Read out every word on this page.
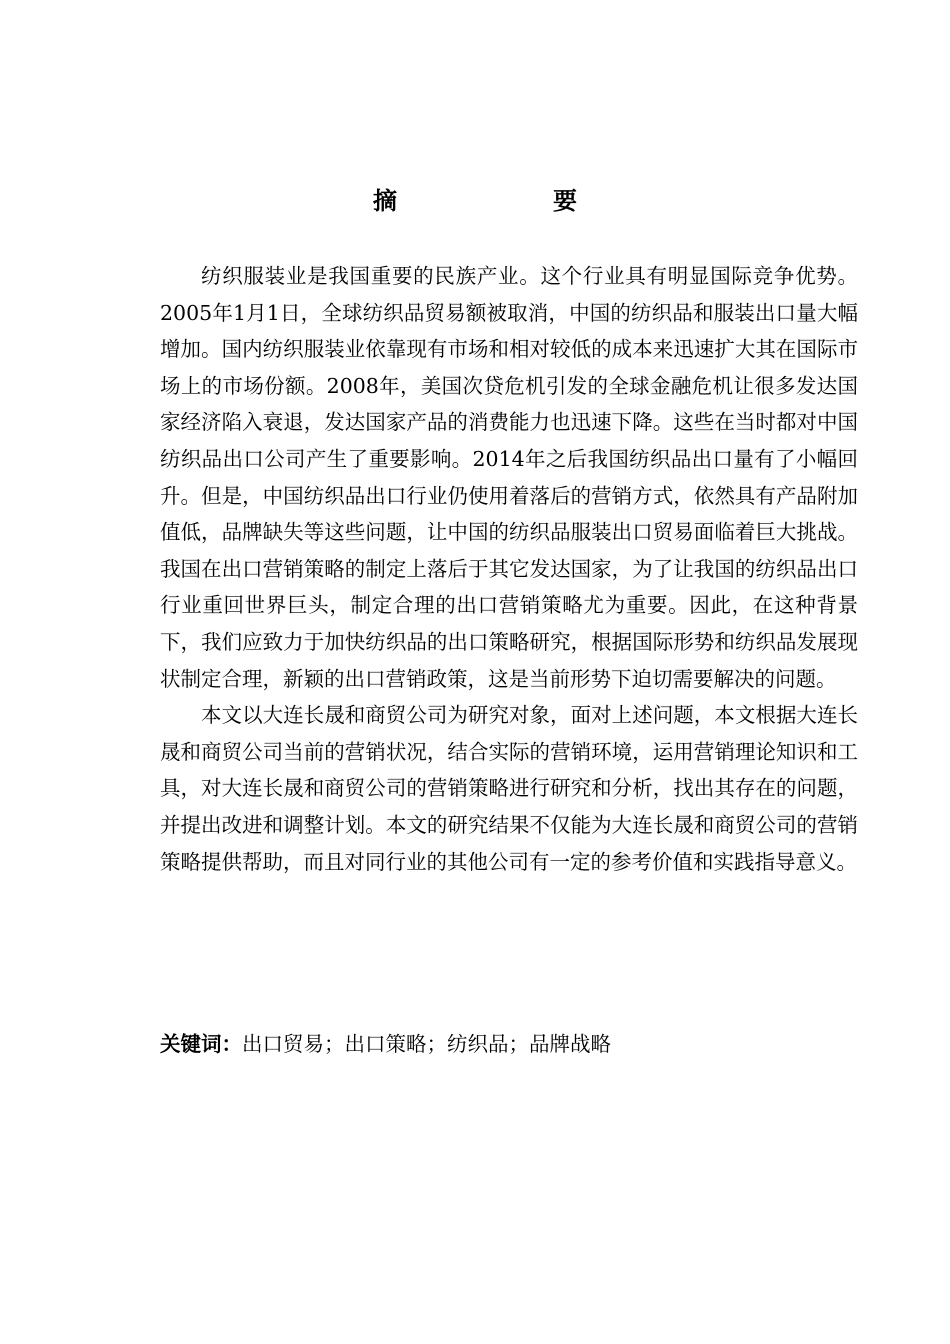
摘　　要

纺织服装业是我国重要的民族产业。这个行业具有明显国际竞争优势。2005年1月1日，全球纺织品贸易额被取消，中国的纺织品和服装出口量大幅增加。国内纺织服装业依靠现有市场和相对较低的成本来迅速扩大其在国际市场上的市场份额。2008年，美国次贷危机引发的全球金融危机让很多发达国家经济陷入衰退，发达国家产品的消费能力也迅速下降。这些在当时都对中国纺织品出口公司产生了重要影响。2014年之后我国纺织品出口量有了小幅回升。但是，中国纺织品出口行业仍使用着落后的营销方式，依然具有产品附加值低，品牌缺失等这些问题，让中国的纺织品服装出口贸易面临着巨大挑战。我国在出口营销策略的制定上落后于其它发达国家，为了让我国的纺织品出口行业重回世界巨头，制定合理的出口营销策略尤为重要。因此，在这种背景下，我们应致力于加快纺织品的出口策略研究，根据国际形势和纺织品发展现状制定合理，新颖的出口营销政策，这是当前形势下迫切需要解决的问题。

本文以大连长晟和商贸公司为研究对象，面对上述问题，本文根据大连长晟和商贸公司当前的营销状况，结合实际的营销环境，运用营销理论知识和工具，对大连长晟和商贸公司的营销策略进行研究和分析，找出其存在的问题，并提出改进和调整计划。本文的研究结果不仅能为大连长晟和商贸公司的营销策略提供帮助，而且对同行业的其他公司有一定的参考价值和实践指导意义。

关键词：出口贸易；出口策略；纺织品；品牌战略
